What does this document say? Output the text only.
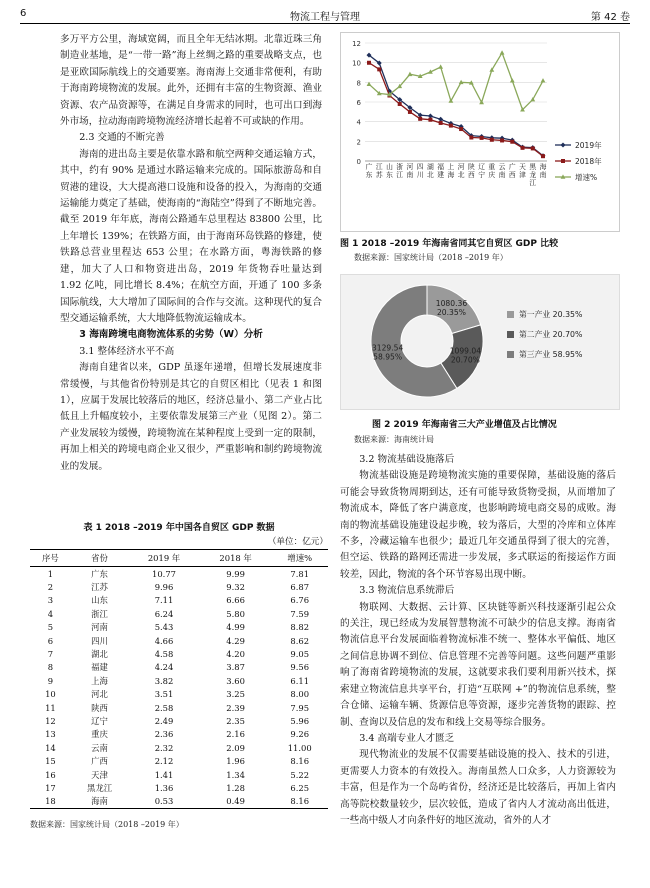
6	物流工程与管理	第 42 卷

多万平方公里，海域宽阔，而且全年无结冰期。北靠近珠三角制造业基地，是“一带一路”海上丝绸之路的重要战略支点，也是亚欧国际航线上的交通要塞。海南海上交通非常便利，有助于海南跨境物流的发展。此外，还拥有丰富的生物资源、渔业资源、农产品资源等，在满足自身需求的同时，也可出口到海外市场，拉动海南跨境物流经济增长起着不可或缺的作用。

2.3 交通的不断完善

海南的进出岛主要是依靠水路和航空两种交通运输方式，其中，约有 90% 是通过水路运输来完成的。国际旅游岛和自贸港的建设，大大提高港口设施和设备的投入，为海南的交通运输能力奠定了基础，使海南的“海陆空”得到了不断地完善。截至 2019 年年底，海南公路通车总里程达 83800 公里，比上年增长 139%；在铁路方面，由于海南环岛铁路的修建，使铁路总营业里程达 653 公里；在水路方面，粤海铁路的修建，加大了人口和物资进出岛，2019 年货物吞吐量达到 1.92 亿吨，同比增长 8.4%；在航空方面，开通了 100 多条国际航线，大大增加了国际间的合作与交流。这种现代的复合型交通运输系统，大大地降低物流运输成本。

3 海南跨境电商物流体系的劣势（W）分析

3.1 整体经济水平不高

海南自建省以来，GDP 虽逐年递增，但增长发展速度非常缓慢，与其他省份特别是其它的自贸区相比（见表 1 和图 1），应属于发展比较落后的地区，经济总量小、第二产业占比低且上升幅度较小，主要依靠发展第三产业（见图 2）。第二产业发展较为缓慢，跨境物流在某种程度上受到一定的限制，再加上相关的跨境电商企业又很少，严重影响和制约跨境物流业的发展。

表 1 2018 –2019 年中国各自贸区 GDP 数据
（单位：亿元）
序号	省份	2019 年	2018 年	增速%
1	广东	10.77	9.99	7.81
2	江苏	9.96	9.32	6.87
3	山东	7.11	6.66	6.76
4	浙江	6.24	5.80	7.59
5	河南	5.43	4.99	8.82
6	四川	4.66	4.29	8.62
7	湖北	4.58	4.20	9.05
8	福建	4.24	3.87	9.56
9	上海	3.82	3.60	6.11
10	河北	3.51	3.25	8.00
11	陕西	2.58	2.39	7.95
12	辽宁	2.49	2.35	5.96
13	重庆	2.36	2.16	9.26
14	云南	2.32	2.09	11.00
15	广西	2.12	1.96	8.16
16	天津	1.41	1.34	5.22
17	黑龙江	1.36	1.28	6.25
18	海南	0.53	0.49	8.16
数据来源：国家统计局（2018 –2019 年）
0
2
4
6
8
10
12
广东
江苏
山东
浙江
河南
四川
湖北
福建
上海
河北
陕西
辽宁
重庆
云南
广西
天津
黑龙江
海南
2019年
2018年
增速%
图 1 2018 –2019 年海南省同其它自贸区 GDP 比较
数据来源：国家统计局（2018 –2019 年）
1080.36 20.35%	第一产业 20.35%
1099.04 20.70%
第二产业 20.70%
3129.54 58.95%	第三产业 58.95%
图 2 2019 年海南省三大产业增值及占比情况
数据来源：海南统计局

3.2 物流基础设施落后

物流基础设施是跨境物流实施的重要保障，基础设施的落后可能会导致货物周期到达，还有可能导致货物受损，从而增加了物流成本，降低了客户满意度，也影响跨境电商交易的成败。海南的物流基础设施建设起步晚，较为落后，大型的冷库和立体库不多，冷藏运输车也很少；最近几年交通虽得到了很大的完善，但空运、铁路的路网还需进一步发展，多式联运的衔接运作方面较差，因此，物流的各个环节容易出现中断。

3.3 物流信息系统滞后

物联网、大数据、云计算、区块链等新兴科技逐渐引起公众的关注，现已经成为发展智慧物流不可缺少的信息支撑。海南省物流信息平台发展面临着物流标准不统一、整体水平偏低、地区之间信息协调不到位、信息管理不完善等问题。这些问题严重影响了海南省跨境物流的发展，这就要求我们要利用新兴技术，探索建立物流信息共享平台，打造“互联网 +”的物流信息系统，整合仓储、运输车辆、货源信息等资源，逐步完善货物的跟踪、控制、查询以及信息的发布和线上交易等综合服务。

3.4 高端专业人才匮乏

现代物流业的发展不仅需要基础设施的投入、技术的引进，更需要人力资本的有效投入。海南虽然人口众多，人力资源较为丰富，但是作为一个岛屿省份，经济还是比较落后，再加上省内高等院校数量较少，层次较低，造成了省内人才流动高出低进，一些高中级人才向条件好的地区流动，省外的人才
